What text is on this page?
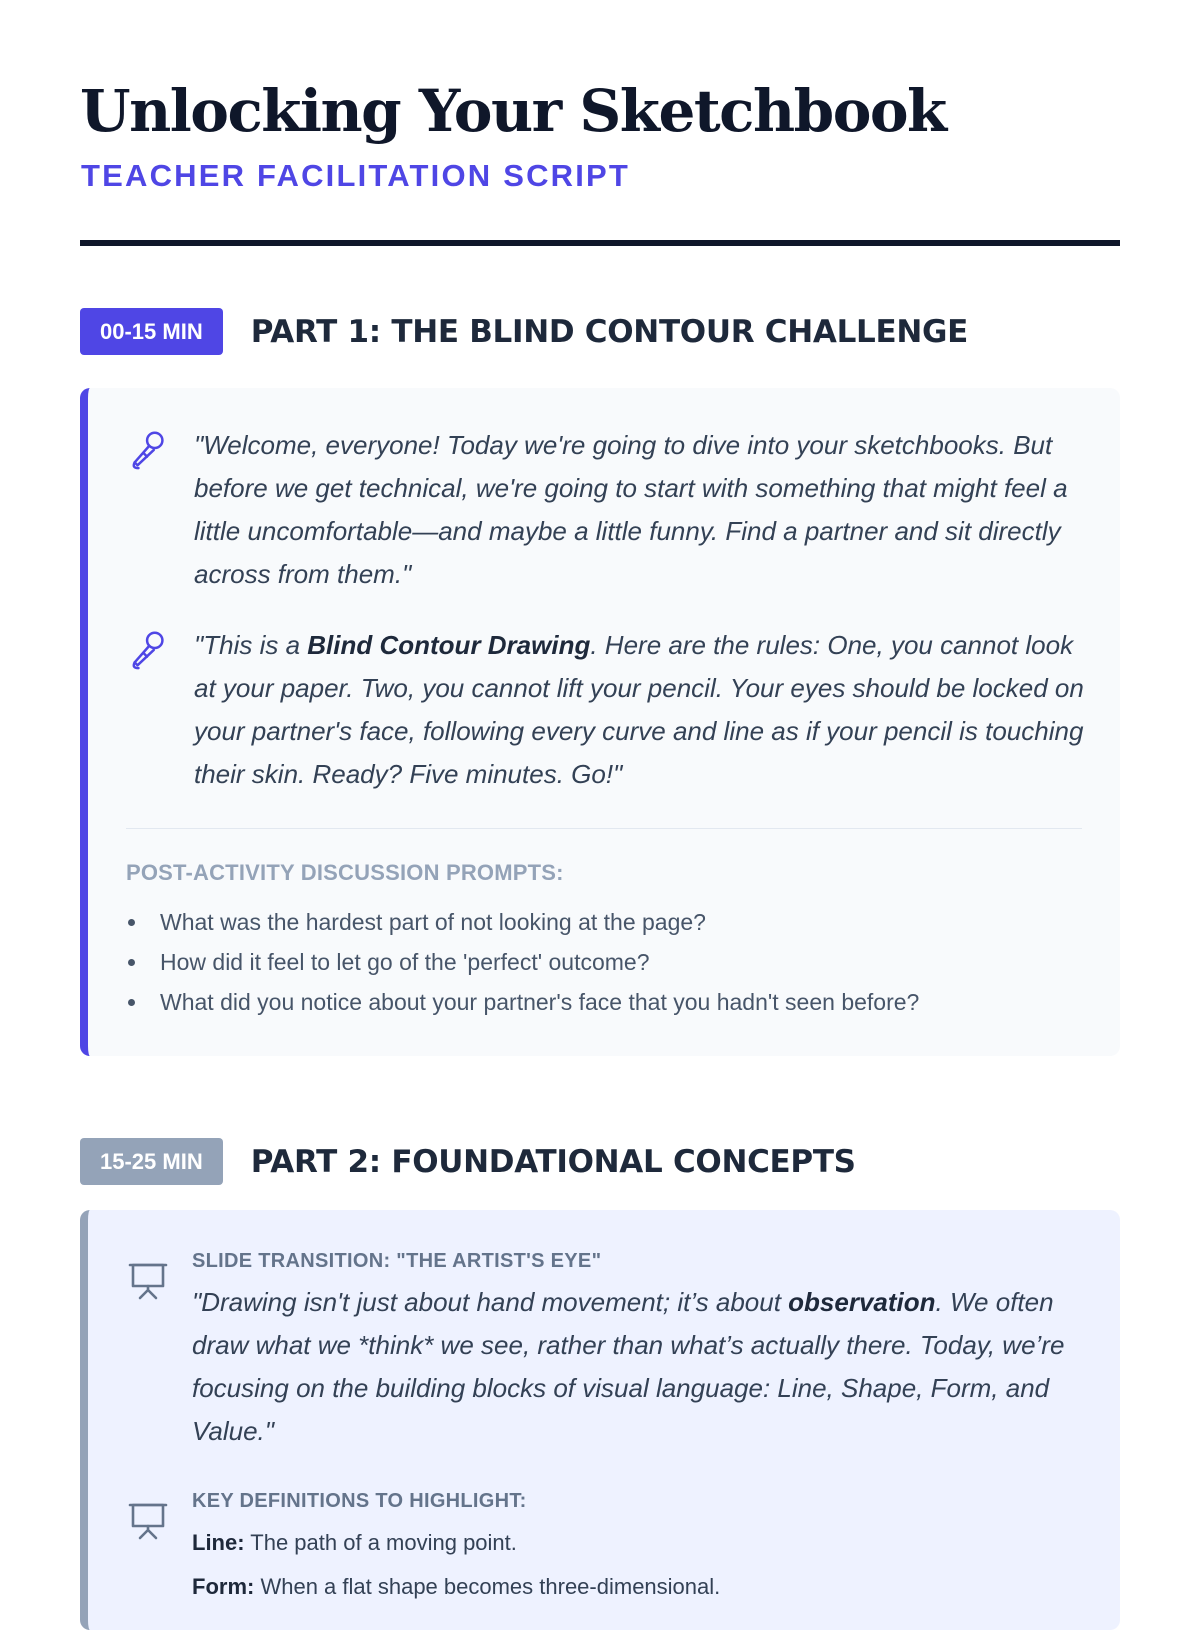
Unlocking Your Sketchbook
TEACHER FACILITATION SCRIPT
00-15 MIN	PART 1: THE BLIND CONTOUR CHALLENGE
"Welcome, everyone! Today we're going to dive into your sketchbooks. But before we get technical, we're going to start with something that might feel a little uncomfortable—and maybe a little funny. Find a partner and sit directly across from them."
"This is a Blind Contour Drawing. Here are the rules: One, you cannot look at your paper. Two, you cannot lift your pencil. Your eyes should be locked on your partner's face, following every curve and line as if your pencil is touching their skin. Ready? Five minutes. Go!"
POST-ACTIVITY DISCUSSION PROMPTS:
What was the hardest part of not looking at the page?
How did it feel to let go of the 'perfect' outcome?
What did you notice about your partner's face that you hadn't seen before?
15-25 MIN	PART 2: FOUNDATIONAL CONCEPTS
SLIDE TRANSITION: "THE ARTIST'S EYE"
"Drawing isn't just about hand movement; it’s about observation. We often draw what we *think* we see, rather than what’s actually there. Today, we’re focusing on the building blocks of visual language: Line, Shape, Form, and Value."
KEY DEFINITIONS TO HIGHLIGHT:
Line: The path of a moving point.
Form: When a flat shape becomes three-dimensional.
